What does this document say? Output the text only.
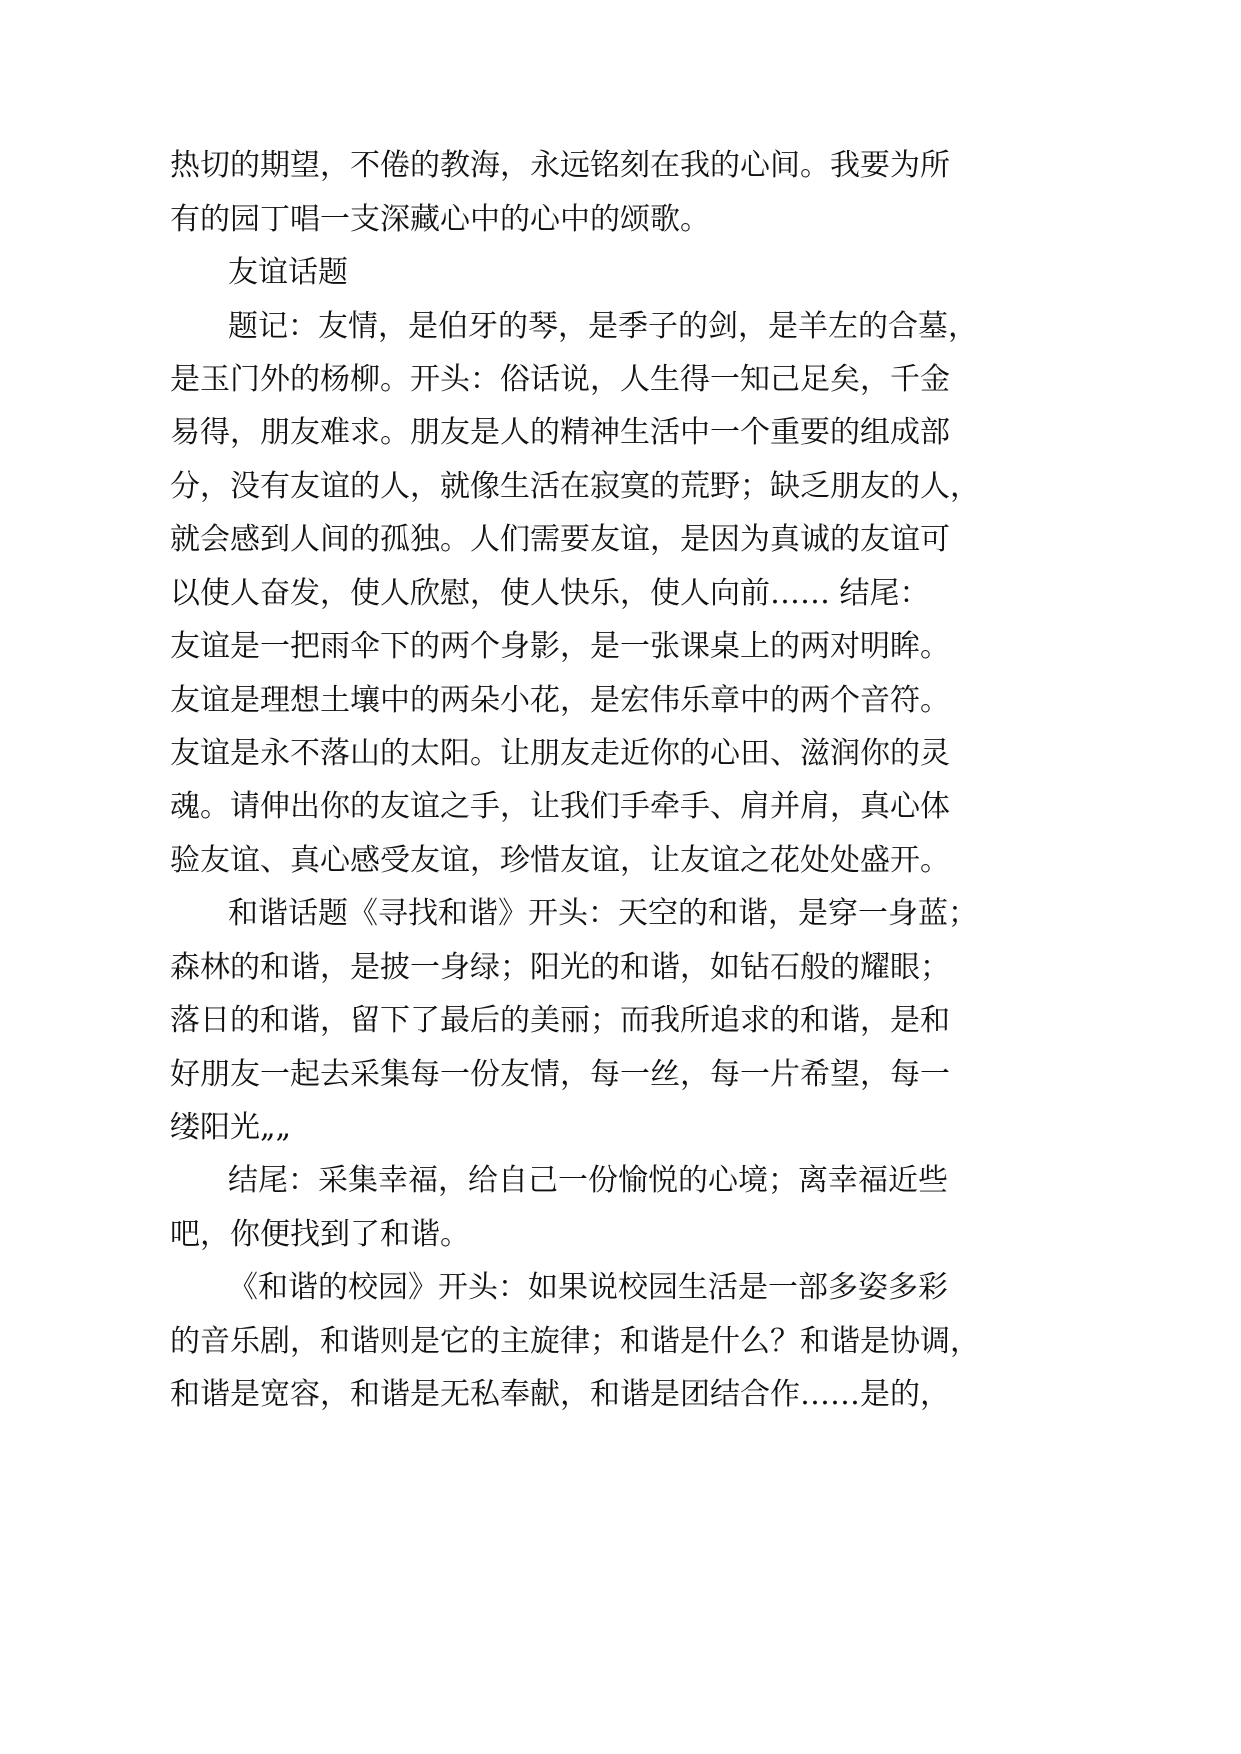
热切的期望，不倦的教海，永远铭刻在我的心间。我要为所

有的园丁唱一支深藏心中的心中的颂歌。

友谊话题

题记：友情，是伯牙的琴，是季子的剑，是羊左的合墓，

是玉门外的杨柳。开头：俗话说，人生得一知己足矣，千金

易得，朋友难求。朋友是人的精神生活中一个重要的组成部

分，没有友谊的人，就像生活在寂寞的荒野；缺乏朋友的人，

就会感到人间的孤独。人们需要友谊，是因为真诚的友谊可

以使人奋发，使人欣慰，使人快乐，使人向前…… 结尾：

友谊是一把雨伞下的两个身影，是一张课桌上的两对明眸。

友谊是理想土壤中的两朵小花，是宏伟乐章中的两个音符。

友谊是永不落山的太阳。让朋友走近你的心田、滋润你的灵

魂。请伸出你的友谊之手，让我们手牵手、肩并肩，真心体

验友谊、真心感受友谊，珍惜友谊，让友谊之花处处盛开。

和谐话题《寻找和谐》开头：天空的和谐，是穿一身蓝；

森林的和谐，是披一身绿；阳光的和谐，如钻石般的耀眼；

落日的和谐，留下了最后的美丽；而我所追求的和谐，是和

好朋友一起去采集每一份友情，每一丝，每一片希望，每一

缕阳光„„

结尾：采集幸福，给自己一份愉悦的心境；离幸福近些

吧，你便找到了和谐。

《和谐的校园》开头：如果说校园生活是一部多姿多彩

的音乐剧，和谐则是它的主旋律；和谐是什么？和谐是协调，

和谐是宽容，和谐是无私奉献，和谐是团结合作……是的，
